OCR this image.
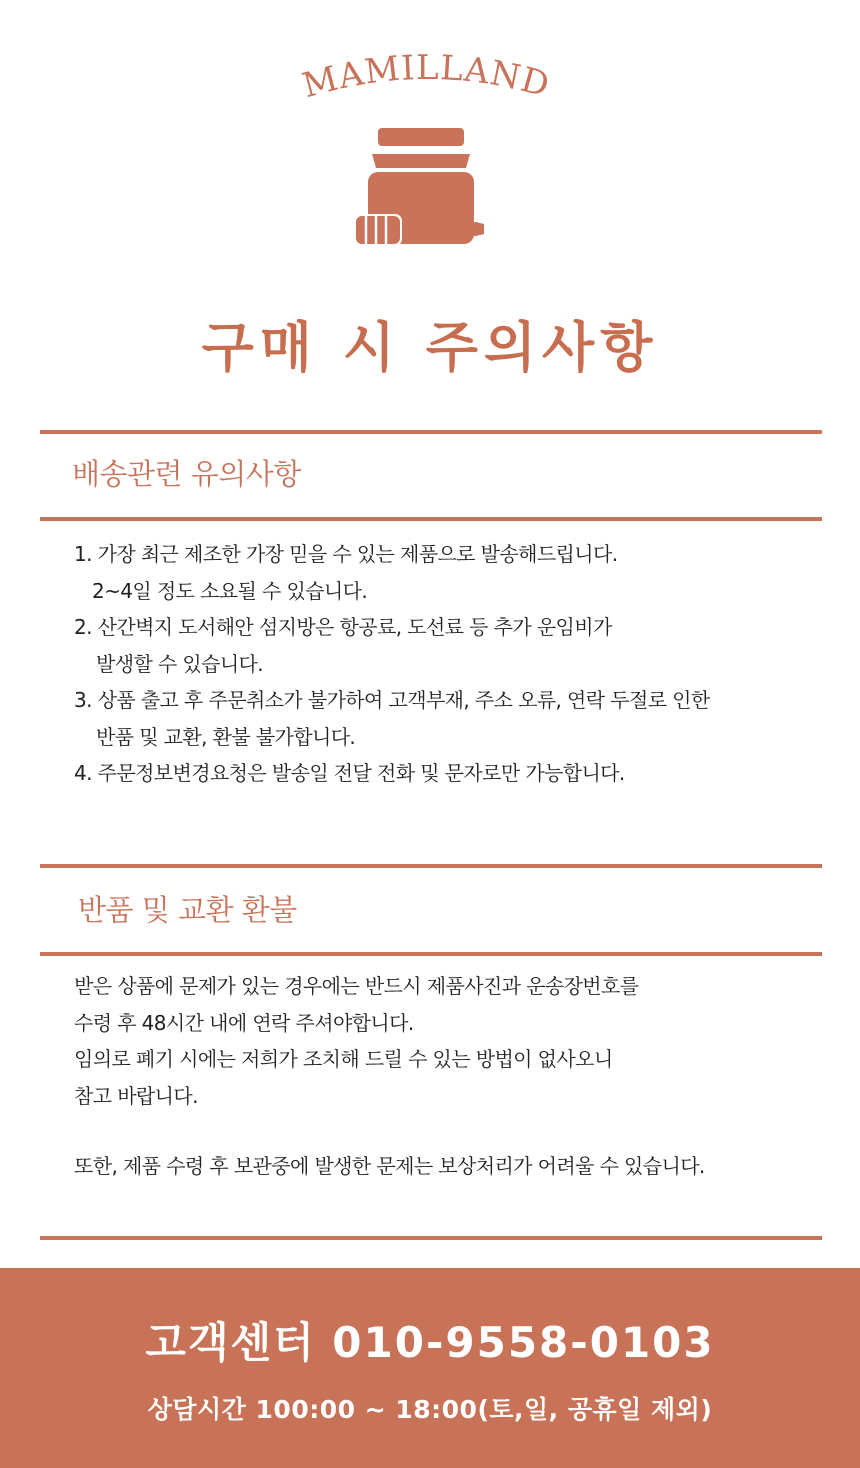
MAMILLAND
구매 시 주의사항
배송관련 유의사항
1. 가장 최근 제조한 가장 믿을 수 있는 제품으로 발송해드립니다.
2~4일 정도 소요될 수 있습니다.
2. 산간벽지 도서해안 섬지방은 항공료, 도선료 등 추가 운임비가
발생할 수 있습니다.
3. 상품 출고 후 주문취소가 불가하여 고객부재, 주소 오류, 연락 두절로 인한
반품 및 교환, 환불 불가합니다.
4. 주문정보변경요청은 발송일 전달 전화 및 문자로만 가능합니다.
반품 및 교환 환불

받은 상품에 문제가 있는 경우에는 반드시 제품사진과 운송장번호를

수령 후 48시간 내에 연락 주셔야합니다.

임의로 폐기 시에는 저희가 조치해 드릴 수 있는 방법이 없사오니

참고 바랍니다.

또한, 제품 수령 후 보관중에 발생한 문제는 보상처리가 어려울 수 있습니다.

고객센터 010-9558-0103
상담시간 100:00 ~ 18:00(토,일, 공휴일 제외)
